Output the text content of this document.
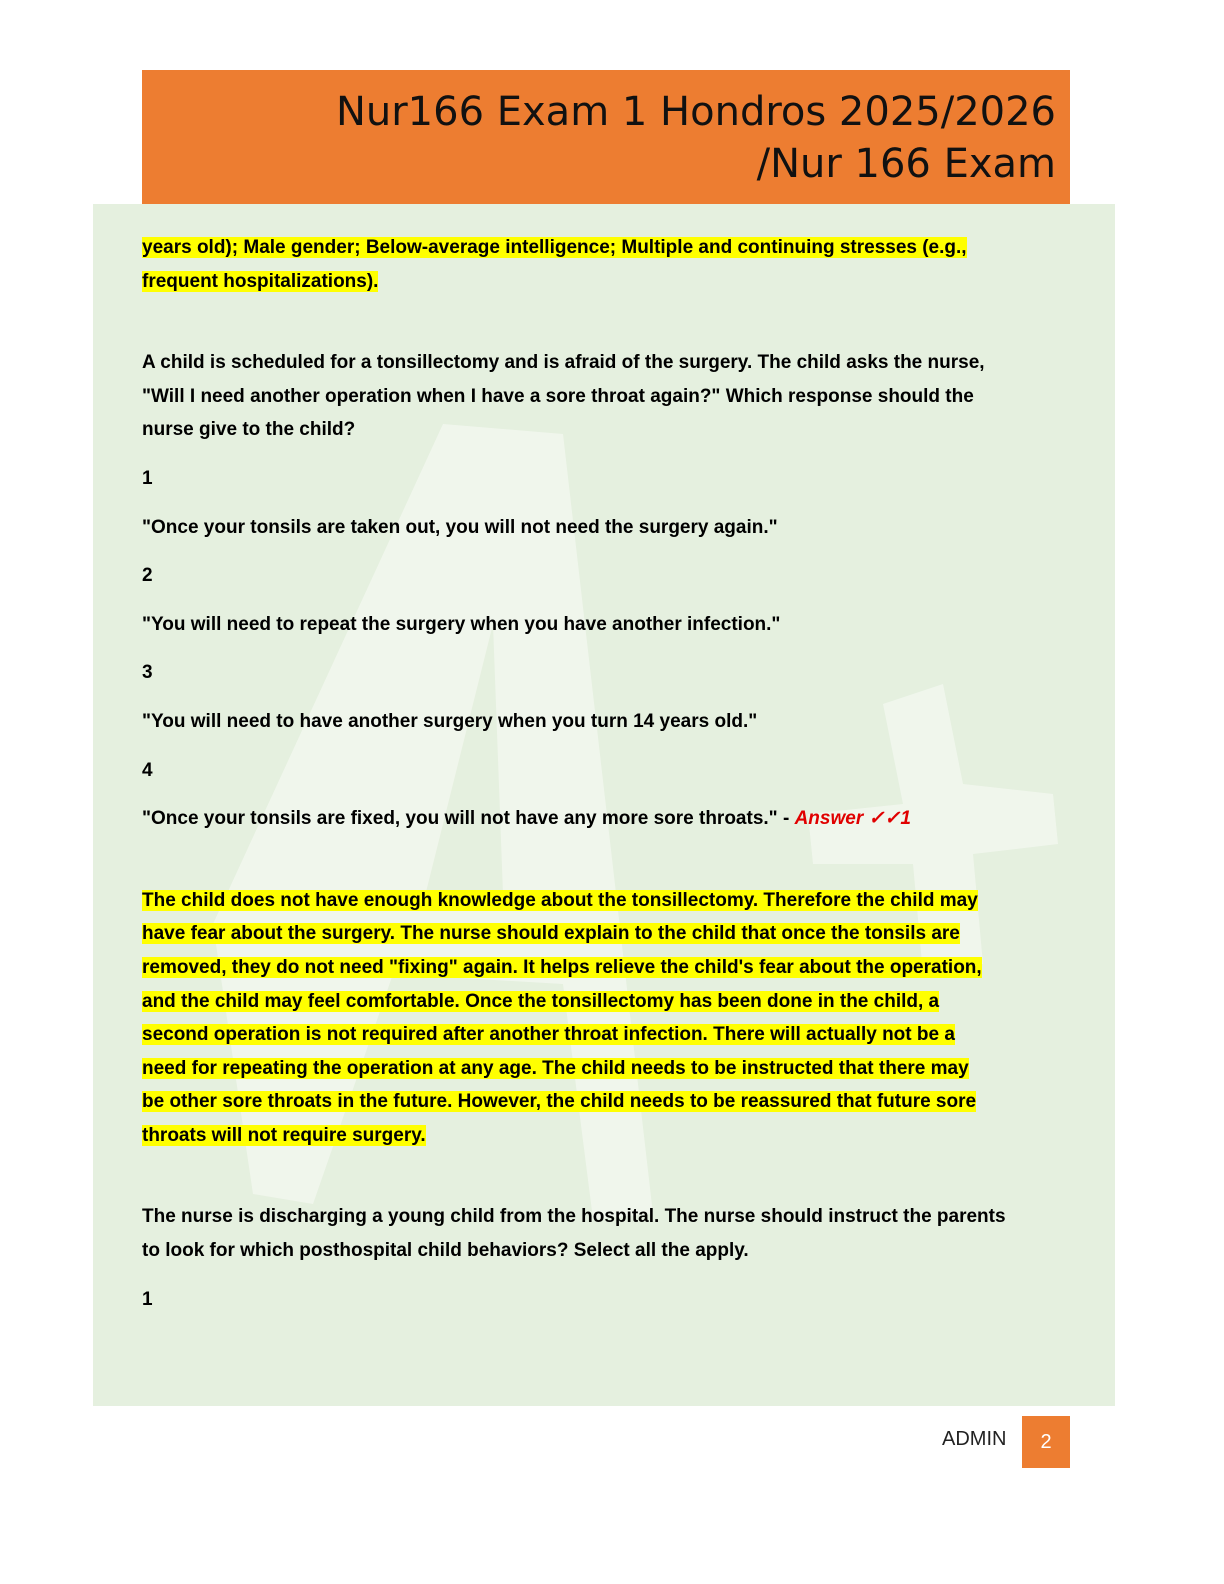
Nur166 Exam 1 Hondros 2025/2026
/Nur 166 Exam

years old); Male gender; Below-average intelligence; Multiple and continuing stresses (e.g.,

frequent hospitalizations).

A child is scheduled for a tonsillectomy and is afraid of the surgery. The child asks the nurse,

"Will I need another operation when I have a sore throat again?" Which response should the

nurse give to the child?

1

"Once your tonsils are taken out, you will not need the surgery again."

2

"You will need to repeat the surgery when you have another infection."

3

"You will need to have another surgery when you turn 14 years old."

4

"Once your tonsils are fixed, you will not have any more sore throats." - Answer ✓✓1

The child does not have enough knowledge about the tonsillectomy. Therefore the child may

have fear about the surgery. The nurse should explain to the child that once the tonsils are

removed, they do not need "fixing" again. It helps relieve the child's fear about the operation,

and the child may feel comfortable. Once the tonsillectomy has been done in the child, a

second operation is not required after another throat infection. There will actually not be a

need for repeating the operation at any age. The child needs to be instructed that there may

be other sore throats in the future. However, the child needs to be reassured that future sore

throats will not require surgery.

The nurse is discharging a young child from the hospital. The nurse should instruct the parents

to look for which posthospital child behaviors? Select all the apply.

1

ADMIN	2
